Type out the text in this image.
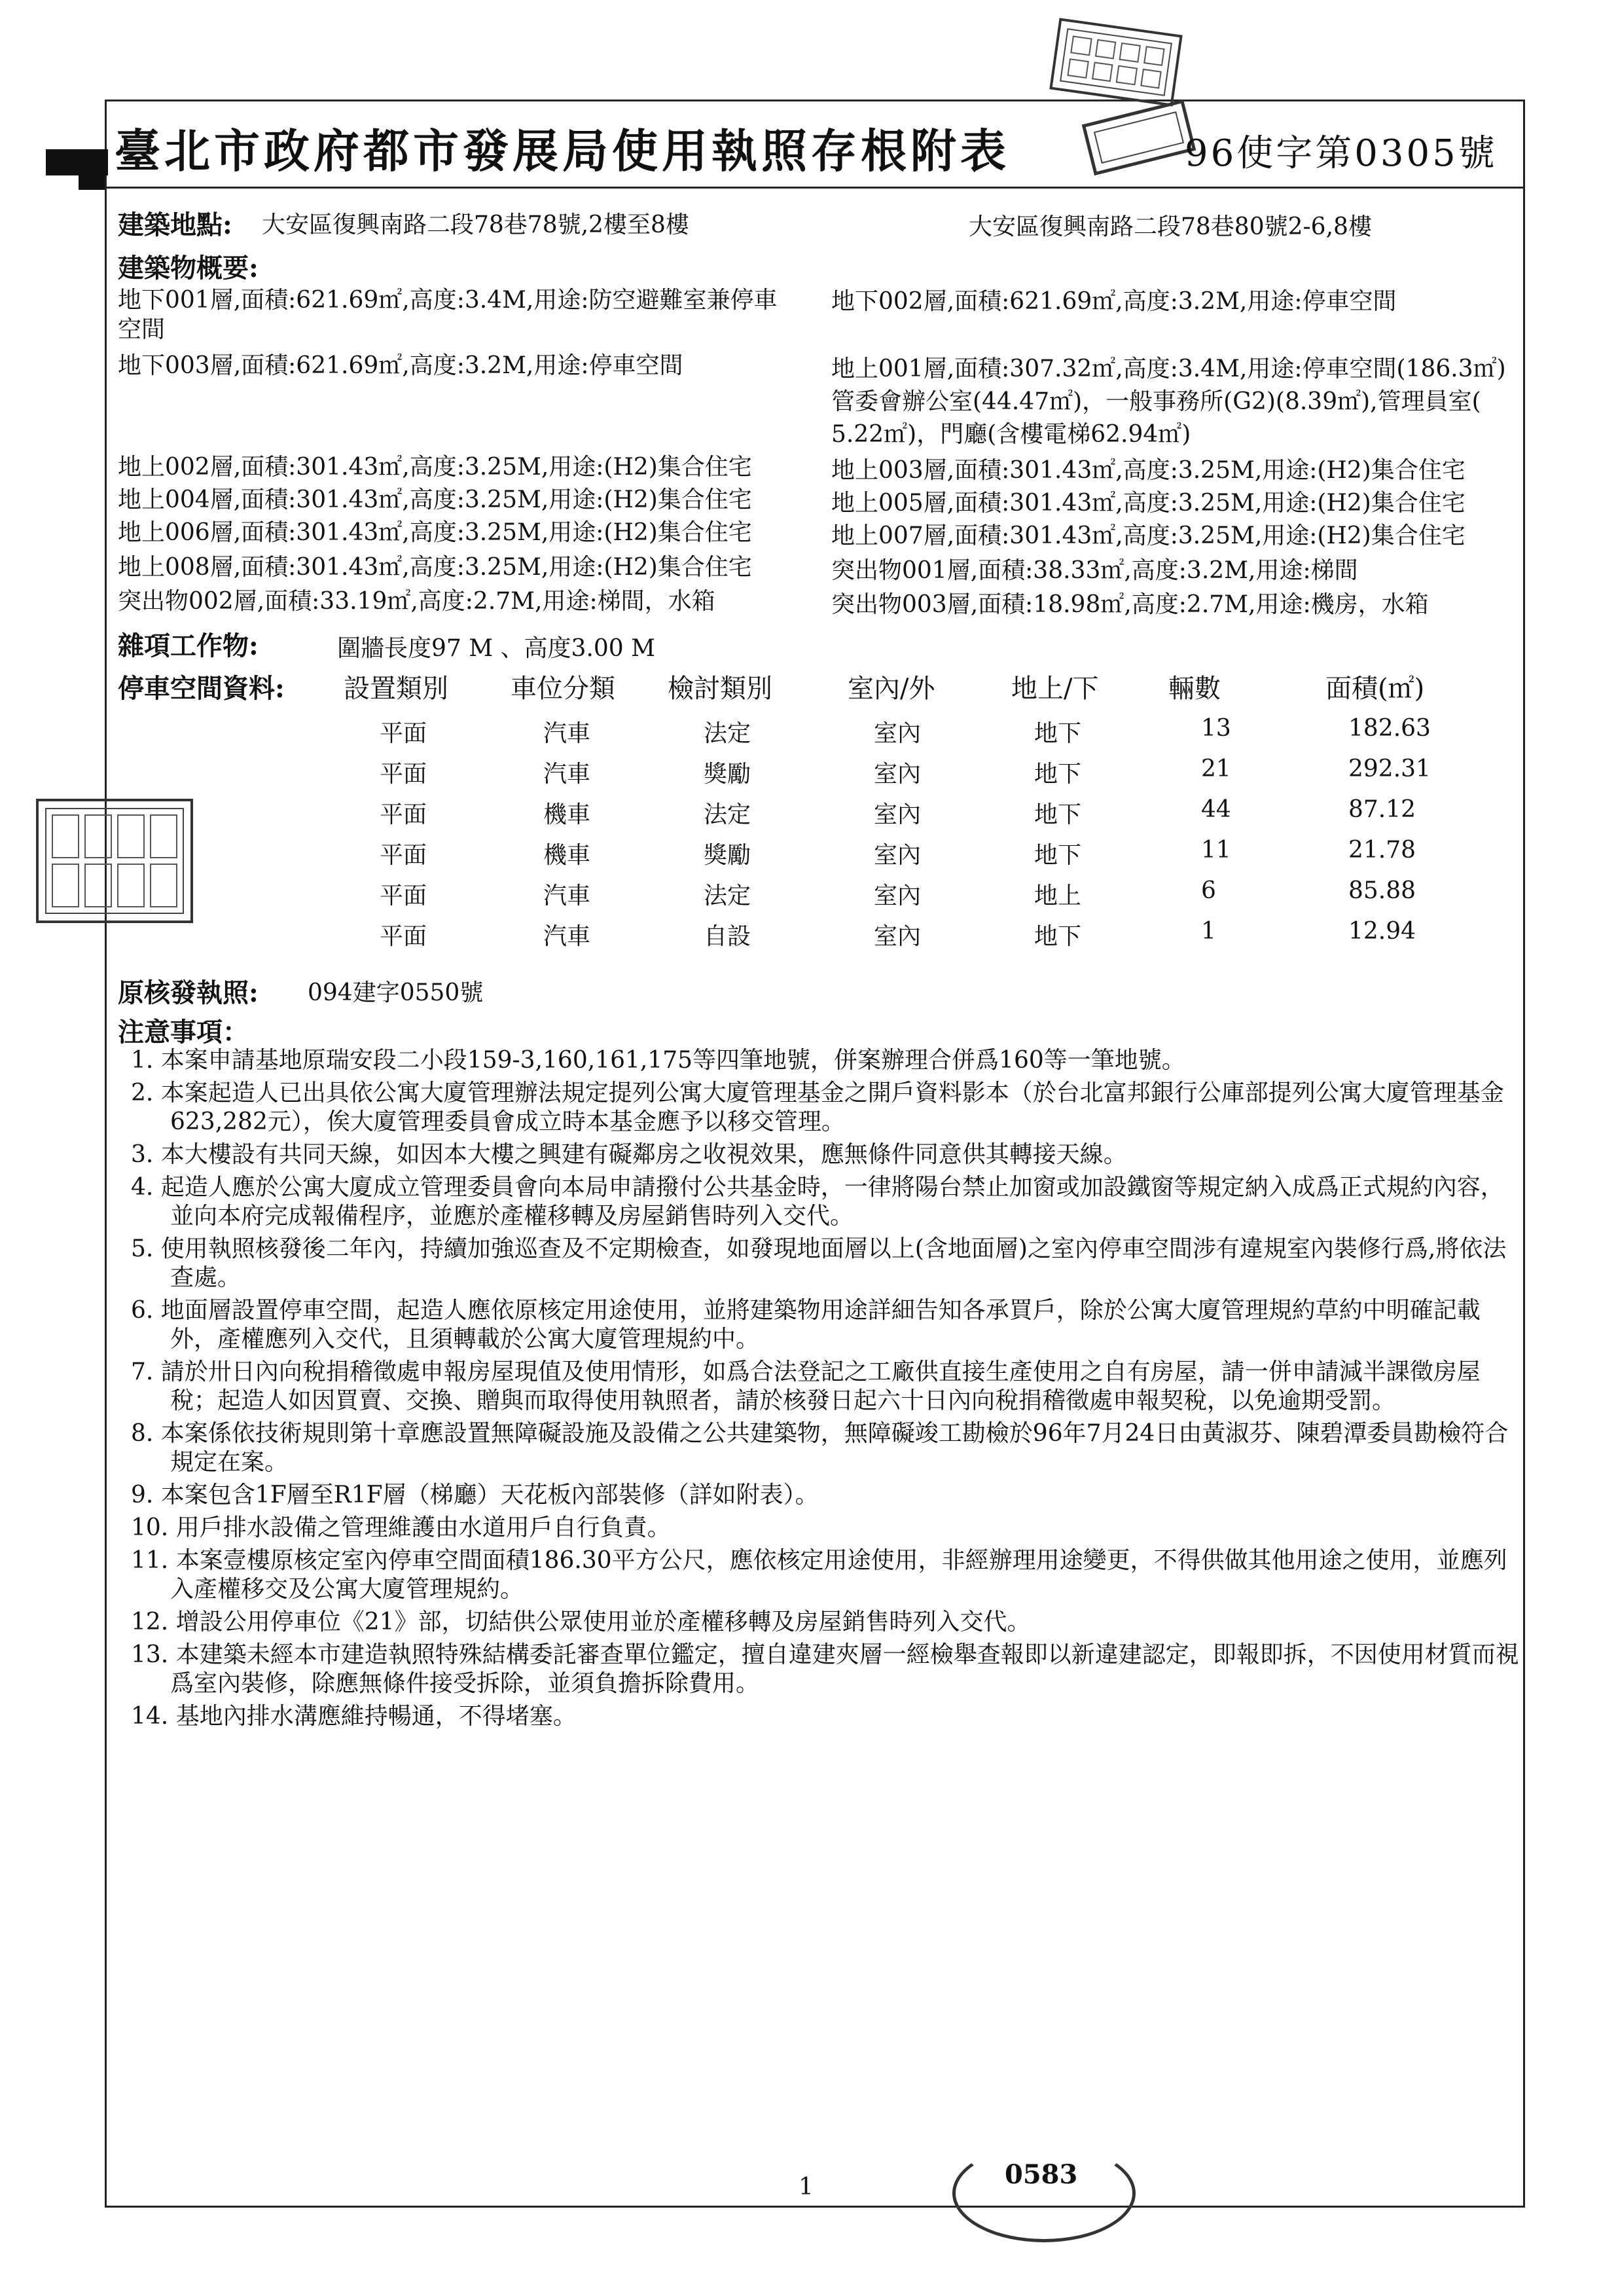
臺北市政府都市發展局使用執照存根附表	96使字第0305號
建築地點: 大安區復興南路二段78巷78號,2樓至8樓	大安區復興南路二段78巷80號2-6,8樓
建築物概要:
地下001層,面積:621.69㎡,高度:3.4M,用途:防空避難室兼停車
空間
地下003層,面積:621.69㎡,高度:3.2M,用途:停車空間
地上002層,面積:301.43㎡,高度:3.25M,用途:(H2)集合住宅
地上004層,面積:301.43㎡,高度:3.25M,用途:(H2)集合住宅
地上006層,面積:301.43㎡,高度:3.25M,用途:(H2)集合住宅
地上008層,面積:301.43㎡,高度:3.25M,用途:(H2)集合住宅
突出物002層,面積:33.19㎡,高度:2.7M,用途:梯間，水箱
地下002層,面積:621.69㎡,高度:3.2M,用途:停車空間
地上001層,面積:307.32㎡,高度:3.4M,用途:停車空間(186.3㎡)
管委會辦公室(44.47㎡)，一般事務所(G2)(8.39㎡),管理員室(
5.22㎡)，門廳(含樓電梯62.94㎡)
地上003層,面積:301.43㎡,高度:3.25M,用途:(H2)集合住宅
地上005層,面積:301.43㎡,高度:3.25M,用途:(H2)集合住宅
地上007層,面積:301.43㎡,高度:3.25M,用途:(H2)集合住宅
突出物001層,面積:38.33㎡,高度:3.2M,用途:梯間
突出物003層,面積:18.98㎡,高度:2.7M,用途:機房，水箱
雜項工作物:	圍牆長度97 M 、高度3.00 M
停車空間資料: 設置類別 車位分類 檢討類別	室內/外	地上/下	輛數	面積(㎡)
平面	汽車	法定	室內	地下	13	182.63
平面	汽車	獎勵	室內	地下	21	292.31
平面	機車	法定	室內	地下	44	87.12
平面	機車	獎勵	室內	地下	11	21.78
平面	汽車	法定	室內	地上	6	85.88
平面	汽車	自設	室內	地下	1	12.94
原核發執照: 094建字0550號
注意事項：
1. 本案申請基地原瑞安段二小段159-3,160,161,175等四筆地號，併案辦理合併爲160等一筆地號。
2. 本案起造人已出具依公寓大廈管理辦法規定提列公寓大廈管理基金之開戶資料影本（於台北富邦銀行公庫部提列公寓大廈管理基金623,282元），俟大廈管理委員會成立時本基金應予以移交管理。
3. 本大樓設有共同天線，如因本大樓之興建有礙鄰房之收視效果，應無條件同意供其轉接天線。
4. 起造人應於公寓大廈成立管理委員會向本局申請撥付公共基金時，一律將陽台禁止加窗或加設鐵窗等規定納入成爲正式規約內容，並向本府完成報備程序，並應於產權移轉及房屋銷售時列入交代。
5. 使用執照核發後二年內，持續加強巡查及不定期檢查，如發現地面層以上(含地面層)之室內停車空間涉有違規室內裝修行爲,將依法查處。
6. 地面層設置停車空間，起造人應依原核定用途使用，並將建築物用途詳細告知各承買戶，除於公寓大廈管理規約草約中明確記載外，產權應列入交代，且須轉載於公寓大廈管理規約中。
7. 請於卅日內向稅捐稽徵處申報房屋現值及使用情形，如爲合法登記之工廠供直接生產使用之自有房屋，請一併申請減半課徵房屋稅；起造人如因買賣、交換、贈與而取得使用執照者，請於核發日起六十日內向稅捐稽徵處申報契稅，以免逾期受罰。
8. 本案係依技術規則第十章應設置無障礙設施及設備之公共建築物，無障礙竣工勘檢於96年7月24日由黃淑芬、陳碧潭委員勘檢符合規定在案。
9. 本案包含1F層至R1F層（梯廳）天花板內部裝修（詳如附表）。
10. 用戶排水設備之管理維護由水道用戶自行負責。
11. 本案壹樓原核定室內停車空間面積186.30平方公尺，應依核定用途使用，非經辦理用途變更，不得供做其他用途之使用，並應列入產權移交及公寓大廈管理規約。
12. 增設公用停車位《21》部，切結供公眾使用並於產權移轉及房屋銷售時列入交代。
13. 本建築未經本市建造執照特殊結構委託審查單位鑑定，擅自違建夾層一經檢舉查報即以新違建認定，即報即拆，不因使用材質而視爲室內裝修，除應無條件接受拆除，並須負擔拆除費用。
14. 基地內排水溝應維持暢通，不得堵塞。
1	0583
